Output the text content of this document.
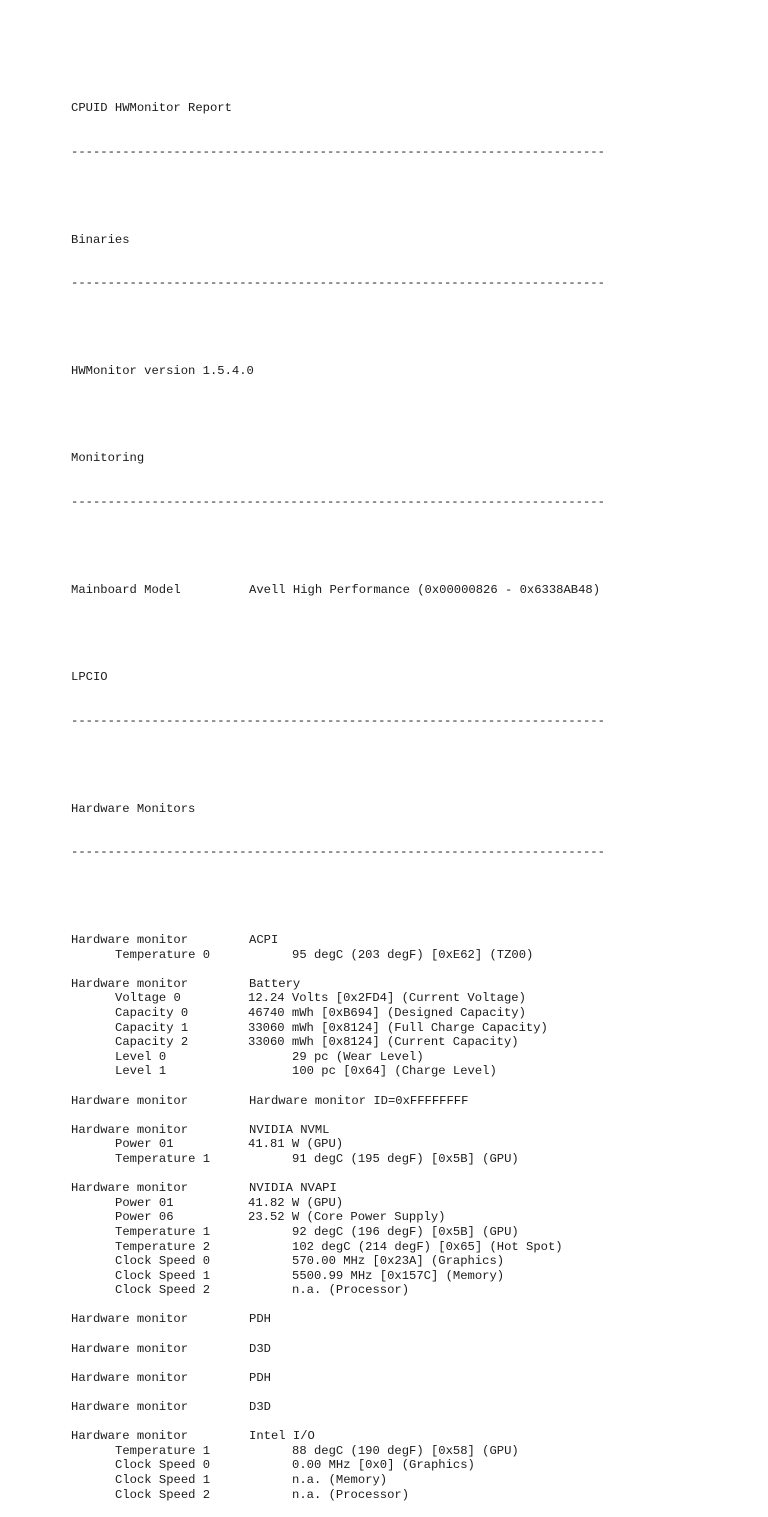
CPUID HWMonitor Report

-------------------------------------------------------------------------

Binaries

-------------------------------------------------------------------------

HWMonitor version 1.5.4.0

Monitoring

-------------------------------------------------------------------------

Mainboard Model	Avell High Performance (0x00000826 - 0x6338AB48)

LPCIO

-------------------------------------------------------------------------

Hardware Monitors

-------------------------------------------------------------------------

Hardware monitor	ACPI
Temperature 0	95 degC (203 degF) [0xE62] (TZ00)
Hardware monitor	Battery
Voltage 0	12.24 Volts [0x2FD4] (Current Voltage)
Capacity 0	46740 mWh [0xB694] (Designed Capacity)
Capacity 1	33060 mWh [0x8124] (Full Charge Capacity)
Capacity 2	33060 mWh [0x8124] (Current Capacity)
Level 0	29 pc (Wear Level)
Level 1	100 pc [0x64] (Charge Level)
Hardware monitor	Hardware monitor ID=0xFFFFFFFF
Hardware monitor	NVIDIA NVML
Power 01	41.81 W (GPU)
Temperature 1	91 degC (195 degF) [0x5B] (GPU)
Hardware monitor	NVIDIA NVAPI
Power 01	41.82 W (GPU)
Power 06	23.52 W (Core Power Supply)
Temperature 1	92 degC (196 degF) [0x5B] (GPU)
Temperature 2	102 degC (214 degF) [0x65] (Hot Spot)
Clock Speed 0	570.00 MHz [0x23A] (Graphics)
Clock Speed 1	5500.99 MHz [0x157C] (Memory)
Clock Speed 2	n.a. (Processor)
Hardware monitor	PDH
Hardware monitor	D3D
Hardware monitor	PDH
Hardware monitor	D3D
Hardware monitor	Intel I/O
Temperature 1	88 degC (190 degF) [0x58] (GPU)
Clock Speed 0	0.00 MHz [0x0] (Graphics)
Clock Speed 1	n.a. (Memory)
Clock Speed 2	n.a. (Processor)
